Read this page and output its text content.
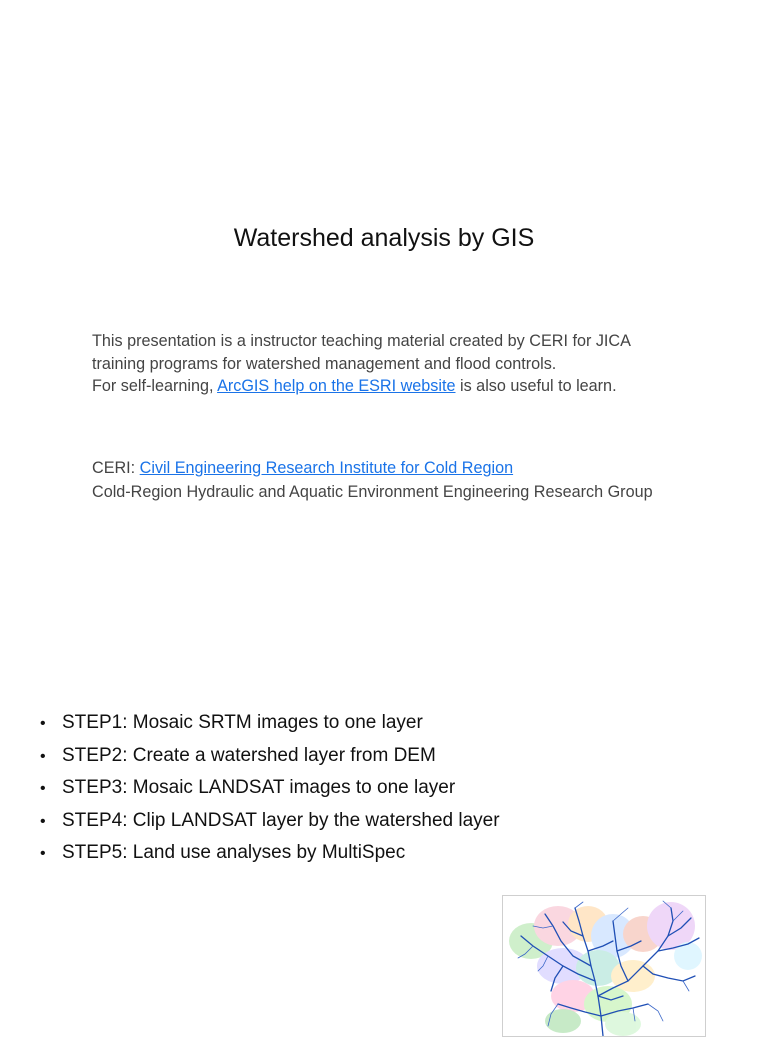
Watershed analysis by GIS

This presentation is a instructor teaching material created by CERI for JICA

training programs for watershed management and flood controls.

For self-learning, ArcGIS help on the ESRI website is also useful to learn.

CERI: Civil Engineering Research Institute for Cold Region

Cold-Region Hydraulic and Aquatic Environment Engineering Research Group

• STEP1: Mosaic SRTM images to one layer
• STEP2: Create a watershed layer from DEM
• STEP3: Mosaic LANDSAT images to one layer
• STEP4: Clip LANDSAT layer by the watershed layer
• STEP5: Land use analyses by MultiSpec
